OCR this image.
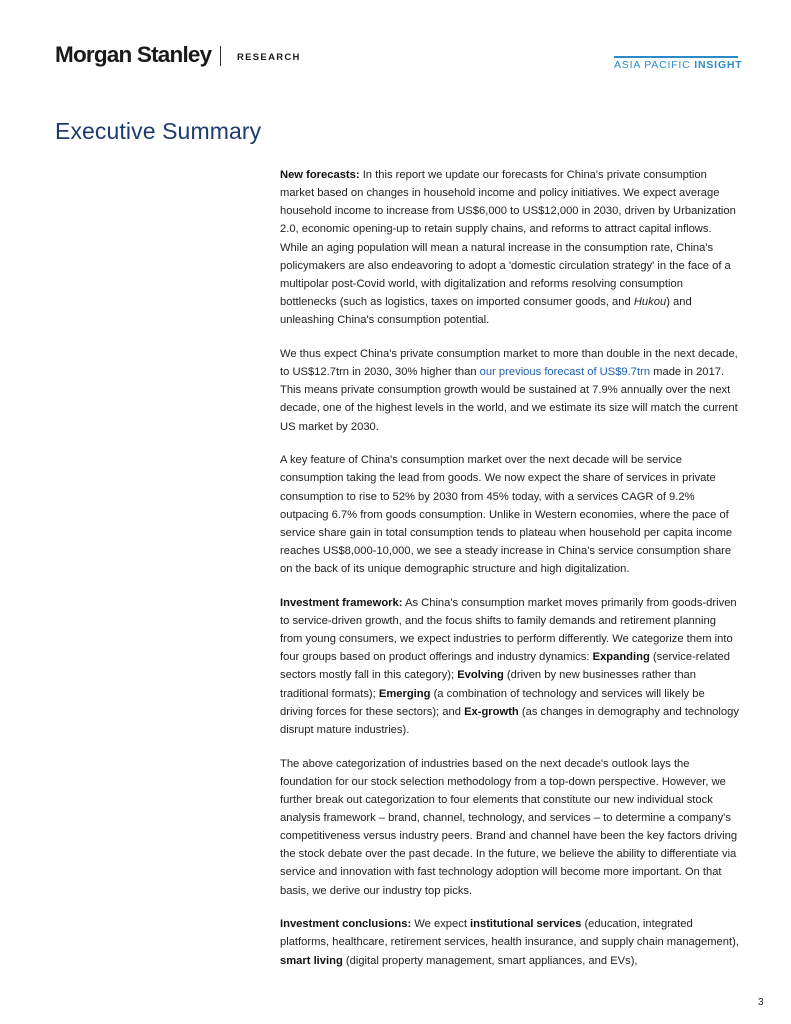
Morgan Stanley	RESEARCH
ASIA PACIFIC INSIGHT
Executive Summary

New forecasts: In this report we update our forecasts for China's private consumption market based on changes in household income and policy initiatives. We expect average household income to increase from US$6,000 to US$12,000 in 2030, driven by Urbanization 2.0, economic opening-up to retain supply chains, and reforms to attract capital inflows. While an aging population will mean a natural increase in the consumption rate, China's policymakers are also endeavoring to adopt a 'domestic circulation strategy' in the face of a multipolar post-Covid world, with digitalization and reforms resolving consumption bottlenecks (such as logistics, taxes on imported consumer goods, and Hukou) and unleashing China's consumption potential.

We thus expect China's private consumption market to more than double in the next decade, to US$12.7trn in 2030, 30% higher than our previous forecast of US$9.7trn made in 2017. This means private consumption growth would be sustained at 7.9% annually over the next decade, one of the highest levels in the world, and we estimate its size will match the current US market by 2030.

A key feature of China's consumption market over the next decade will be service consumption taking the lead from goods. We now expect the share of services in private consumption to rise to 52% by 2030 from 45% today, with a services CAGR of 9.2% outpacing 6.7% from goods consumption. Unlike in Western economies, where the pace of service share gain in total consumption tends to plateau when household per capita income reaches US$8,000-10,000, we see a steady increase in China's service consumption share on the back of its unique demographic structure and high digitalization.

Investment framework: As China's consumption market moves primarily from goods-driven to service-driven growth, and the focus shifts to family demands and retirement planning from young consumers, we expect industries to perform differently. We categorize them into four groups based on product offerings and industry dynamics: Expanding (service-related sectors mostly fall in this category); Evolving (driven by new businesses rather than traditional formats); Emerging (a combination of technology and services will likely be driving forces for these sectors); and Ex-growth (as changes in demography and technology disrupt mature industries).

The above categorization of industries based on the next decade's outlook lays the foundation for our stock selection methodology from a top-down perspective. However, we further break out categorization to four elements that constitute our new individual stock analysis framework – brand, channel, technology, and services – to determine a company's competitiveness versus industry peers. Brand and channel have been the key factors driving the stock debate over the past decade. In the future, we believe the ability to differentiate via service and innovation with fast technology adoption will become more important. On that basis, we derive our industry top picks.

Investment conclusions: We expect institutional services (education, integrated platforms, healthcare, retirement services, health insurance, and supply chain management), smart living (digital property management, smart appliances, and EVs),

3
